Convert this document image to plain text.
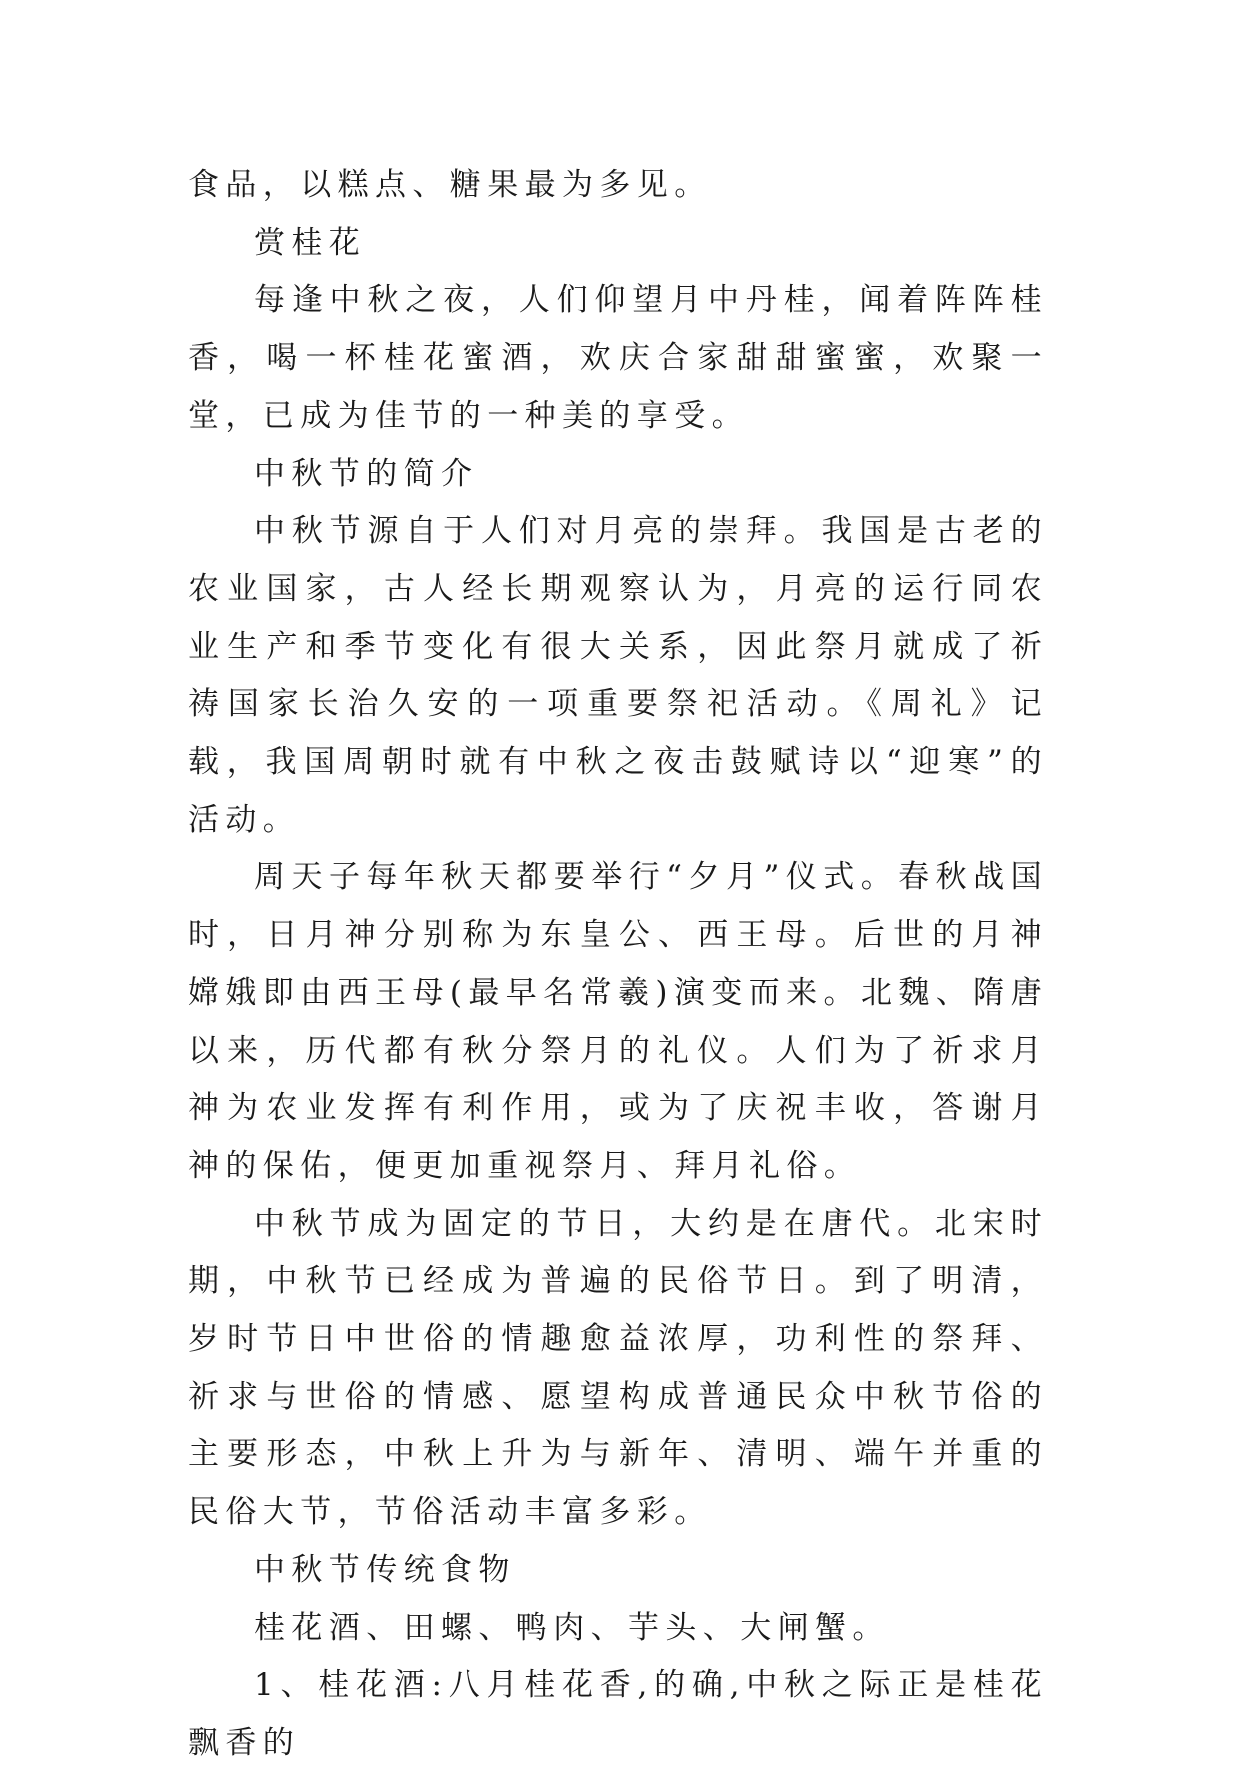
食品，以糕点、糖果最为多见。

赏桂花

每逢中秋之夜，人们仰望月中丹桂，闻着阵阵桂香，喝一杯桂花蜜酒，欢庆合家甜甜蜜蜜，欢聚一堂，已成为佳节的一种美的享受。

中秋节的简介

中秋节源自于人们对月亮的崇拜。我国是古老的农业国家，古人经长期观察认为，月亮的运行同农业生产和季节变化有很大关系，因此祭月就成了祈祷国家长治久安的一项重要祭祀活动。《周礼》记载，我国周朝时就有中秋之夜击鼓赋诗以“迎寒”的活动。

周天子每年秋天都要举行“夕月”仪式。春秋战国时，日月神分别称为东皇公、西王母。后世的月神嫦娥即由西王母(最早名常羲)演变而来。北魏、隋唐以来，历代都有秋分祭月的礼仪。人们为了祈求月神为农业发挥有利作用，或为了庆祝丰收，答谢月神的保佑，便更加重视祭月、拜月礼俗。

中秋节成为固定的节日，大约是在唐代。北宋时期，中秋节已经成为普遍的民俗节日。到了明清，岁时节日中世俗的情趣愈益浓厚，功利性的祭拜、祈求与世俗的情感、愿望构成普通民众中秋节俗的主要形态，中秋上升为与新年、清明、端午并重的民俗大节，节俗活动丰富多彩。

中秋节传统食物

桂花酒、田螺、鸭肉、芋头、大闸蟹。

1、桂花酒:八月桂花香,的确,中秋之际正是桂花飘香的
